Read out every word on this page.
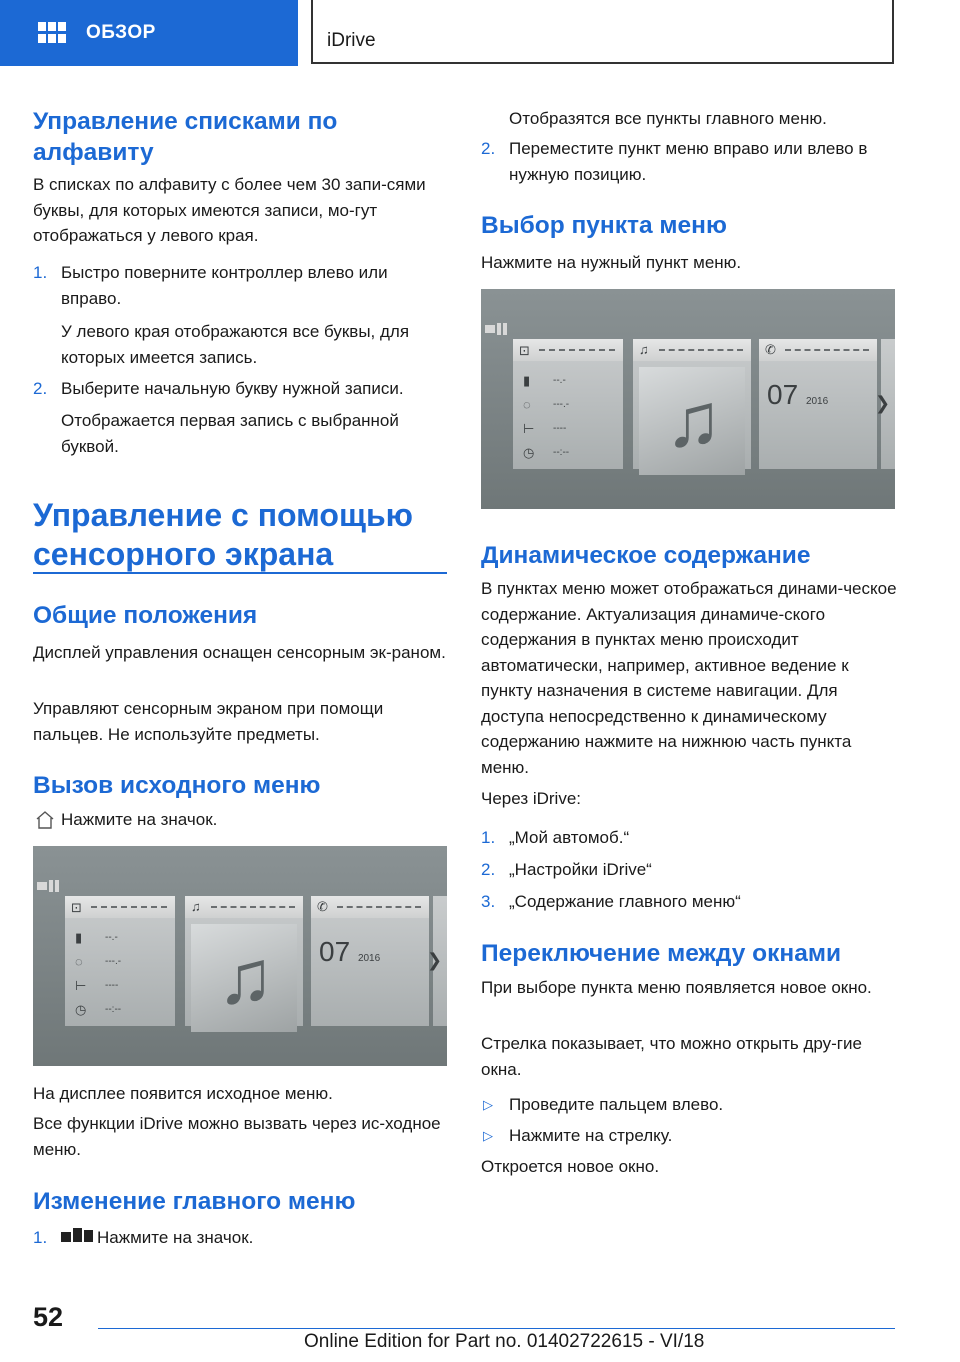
ОБЗОР	iDrive
Управление списками по алфавиту

В списках по алфавиту с более чем 30 запи-сями буквы, для которых имеются записи, мо-гут отображаться у левого края.

1. Быстро поверните контроллер влево или вправо.

У левого края отображаются все буквы, для которых имеется запись.

2. Выберите начальную букву нужной записи.

Отображается первая запись с выбранной буквой.

Управление с помощью сенсорного экрана
Общие положения

Дисплей управления оснащен сенсорным эк-раном.

Управляют сенсорным экраном при помощи пальцев. Не используйте предметы.

Вызов исходного меню

Нажмите на значок.

⊡
▮ --.-
◌ ---.-
⊢ ----
◷ --:--
♫
♫
✆
07 2016	❯

На дисплее появится исходное меню.

Все функции iDrive можно вызвать через ис-ходное меню.

Изменение главного меню
1.	Нажмите на значок.

Отобразятся все пункты главного меню.

2. Переместите пункт меню вправо или влево в нужную позицию.

Выбор пункта меню

Нажмите на нужный пункт меню.

⊡
▮ --.-
◌ ---.-
⊢ ----
◷ --:--
♫
♫
✆
07 2016	❯
Динамическое содержание

В пунктах меню может отображаться динами-ческое содержание. Актуализация динамиче-ского содержания в пунктах меню происходит автоматически, например, активное ведение к пункту назначения в системе навигации. Для доступа непосредственно к динамическому содержанию нажмите на нижнюю часть пункта меню.

Через iDrive:

1. „Мой автомоб.“

2. „Настройки iDrive“

3. „Содержание главного меню“

Переключение между окнами

При выборе пункта меню появляется новое окно.

Стрелка показывает, что можно открыть дру-гие окна.

▷ Проведите пальцем влево.

▷ Нажмите на стрелку.

Откроется новое окно.

52
Online Edition for Part no. 01402722615 - VI/18
